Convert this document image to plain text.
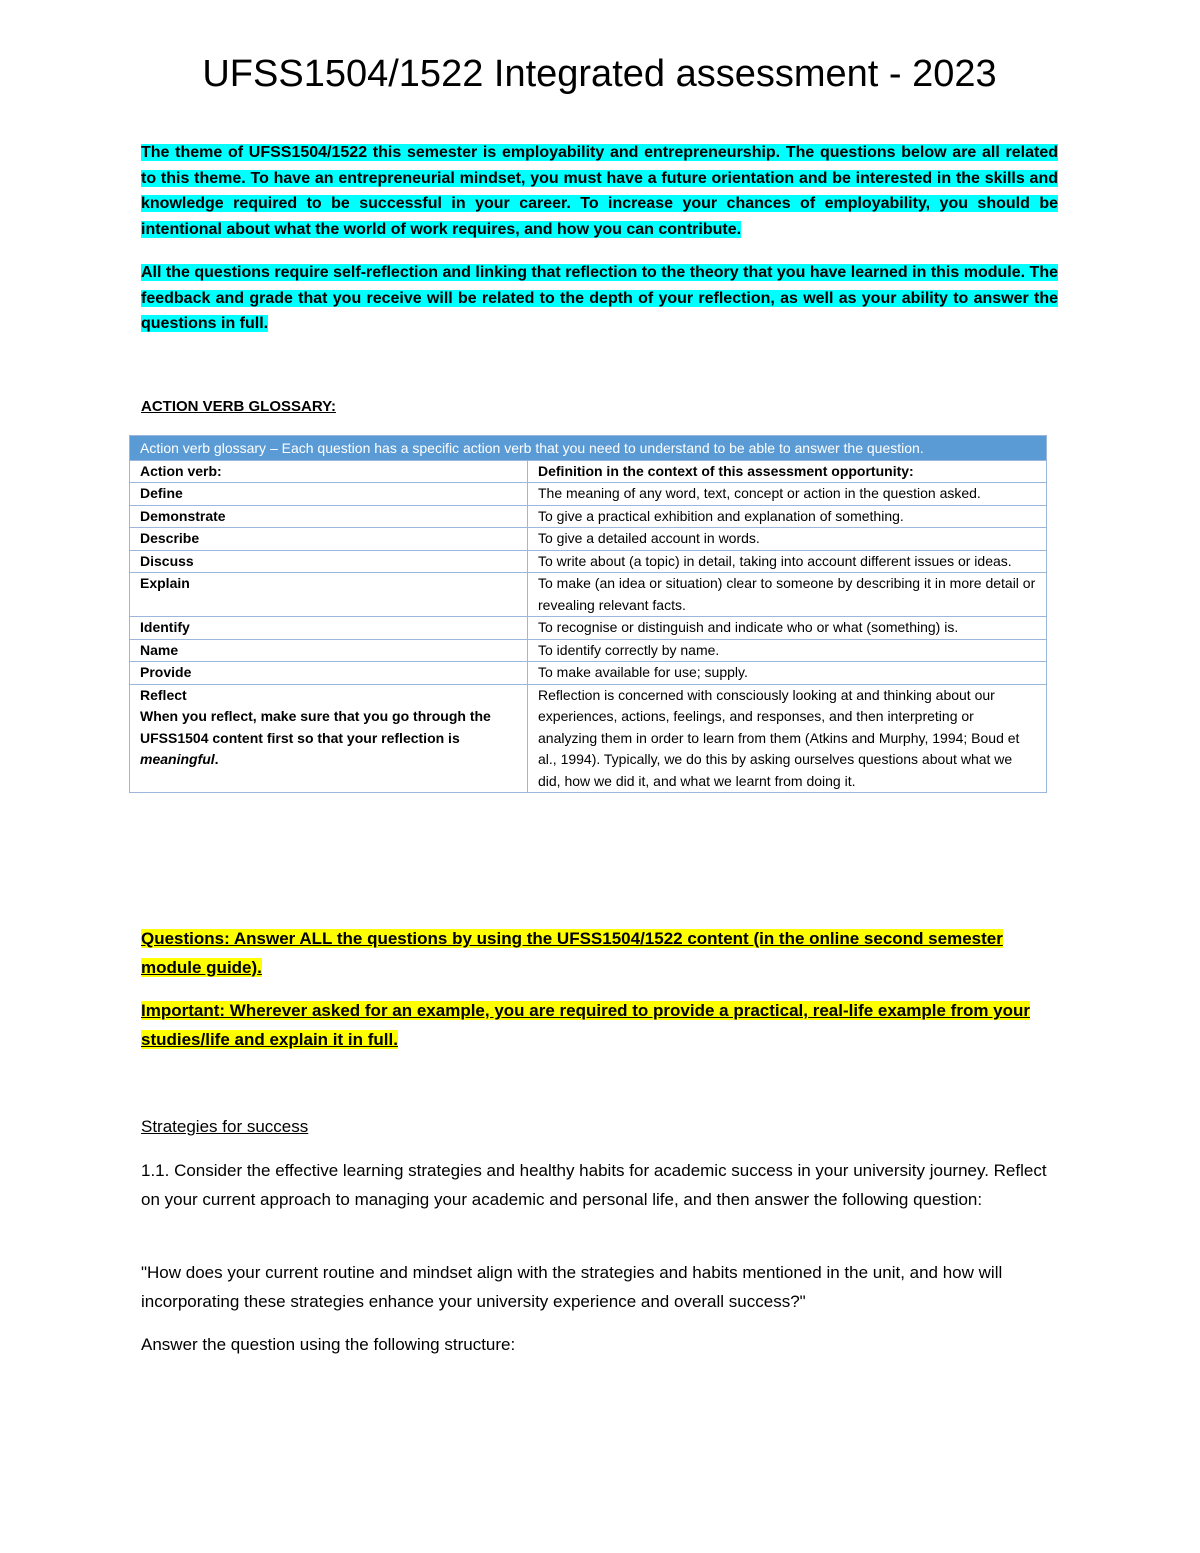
UFSS1504/1522 Integrated assessment - 2023
The theme of UFSS1504/1522 this semester is employability and entrepreneurship. The questions below are all related to this theme. To have an entrepreneurial mindset, you must have a future orientation and be interested in the skills and knowledge required to be successful in your career. To increase your chances of employability, you should be intentional about what the world of work requires, and how you can contribute.
All the questions require self-reflection and linking that reflection to the theory that you have learned in this module. The feedback and grade that you receive will be related to the depth of your reflection, as well as your ability to answer the questions in full.
ACTION VERB GLOSSARY:
Action verb glossary – Each question has a specific action verb that you need to understand to be able to answer the question.	
Action verb:	Definition in the context of this assessment opportunity:
Define	The meaning of any word, text, concept or action in the question asked.
Demonstrate	To give a practical exhibition and explanation of something.
Describe	To give a detailed account in words.
Discuss	To write about (a topic) in detail, taking into account different issues or ideas.
Explain	To make (an idea or situation) clear to someone by describing it in more detail or revealing relevant facts.
Identify	To recognise or distinguish and indicate who or what (something) is.
Name	To identify correctly by name.
Provide	To make available for use; supply.

Reflect
When you reflect, make sure that you go through the UFSS1504 content first so that your reflection is meaningful.	Reflection is concerned with consciously looking at and thinking about our experiences, actions, feelings, and responses, and then interpreting or analyzing them in order to learn from them (Atkins and Murphy, 1994; Boud et al., 1994). Typically, we do this by asking ourselves questions about what we did, how we did it, and what we learnt from doing it.
Questions: Answer ALL the questions by using the UFSS1504/1522 content (in the online second semester module guide).
Important: Wherever asked for an example, you are required to provide a practical, real-life example from your studies/life and explain it in full.
Strategies for success
1.1. Consider the effective learning strategies and healthy habits for academic success in your university journey. Reflect on your current approach to managing your academic and personal life, and then answer the following question:
"How does your current routine and mindset align with the strategies and habits mentioned in the unit, and how will incorporating these strategies enhance your university experience and overall success?"
Answer the question using the following structure:
